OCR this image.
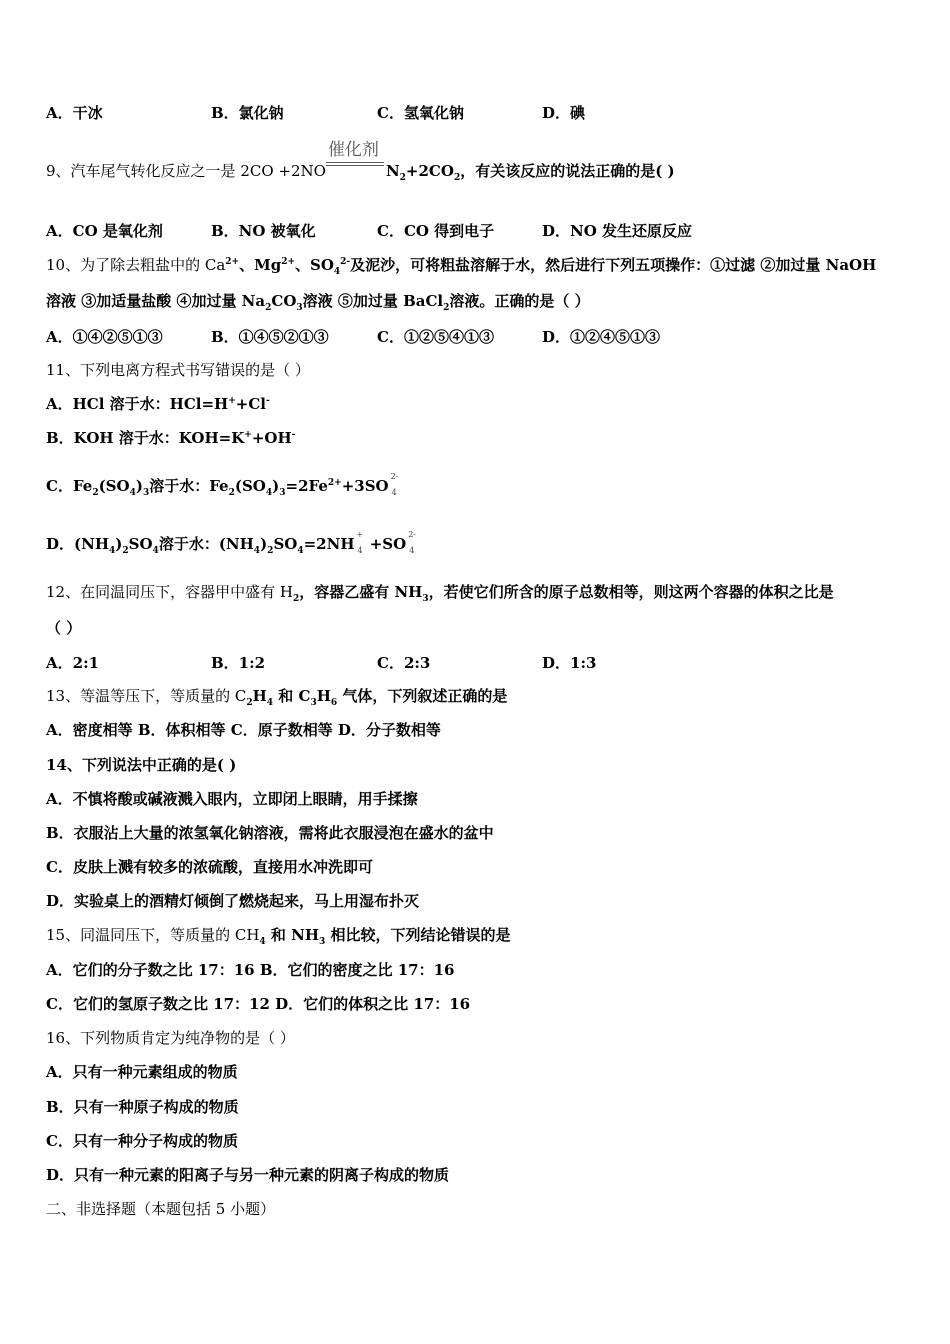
A．干冰	B．氯化钠	C．氢氧化钠	D．碘
9、汽车尾气转化反应之一是 2CO +2NO
催化剂
$N_2+2CO_2$，有关该反应的说法正确的是( )
A．CO 是氧化剂	B．NO 被氧化	C．CO 得到电子	D．NO 发生还原反应
10、为了除去粗盐中的 $Ca^{2+}$、$Mg^{2+}$、$SO_4^{2-}$及泥沙，可将粗盐溶解于水，然后进行下列五项操作：①过滤 ②加过量 NaOH
溶液 ③加适量盐酸 ④加过量 $Na_2CO_3$溶液 ⑤加过量 BaCl$_2$溶液。正确的是（ ）
A．①④②⑤①③	B．①④⑤②①③	C．①②⑤④①③	D．①②④⑤①③
11、下列电离方程式书写错误的是（ ）
A．HCl 溶于水：HCl=H++Cl-
B．KOH 溶于水：KOH=K++OH-
C．$Fe_2(SO_4)_3$溶于水：$Fe_2(SO_4)_3=2Fe^{2+}+3SO$
2-
4
D．$(NH_4)_2SO_4$溶于水：$(NH_4)_2SO_4=2NH$
+
4 +SO
2-
4
12、在同温同压下，容器甲中盛有 $H_2$，容器乙盛有 $NH_3$，若使它们所含的原子总数相等，则这两个容器的体积之比是
（ ）
A．2:1	B．1:2	C．2:3	D．1:3
13、等温等压下，等质量的 $C_2H_4$ 和 $C_3H_6$ 气体，下列叙述正确的是
A．密度相等 B．体积相等 C．原子数相等 D．分子数相等
14、下列说法中正确的是( )
A．不慎将酸或碱液溅入眼内，立即闭上眼睛，用手揉擦
B．衣服沾上大量的浓氢氧化钠溶液，需将此衣服浸泡在盛水的盆中
C．皮肤上溅有较多的浓硫酸，直接用水冲洗即可
D．实验桌上的酒精灯倾倒了燃烧起来，马上用湿布扑灭
15、同温同压下，等质量的 $CH_4$ 和 $NH_3$ 相比较，下列结论错误的是
A．它们的分子数之比 17：16 B．它们的密度之比 17：16
C．它们的氢原子数之比 17：12 D．它们的体积之比 17：16
16、下列物质肯定为纯净物的是（ ）
A．只有一种元素组成的物质
B．只有一种原子构成的物质
C．只有一种分子构成的物质
D．只有一种元素的阳离子与另一种元素的阴离子构成的物质
二、非选择题（本题包括 5 小题）
